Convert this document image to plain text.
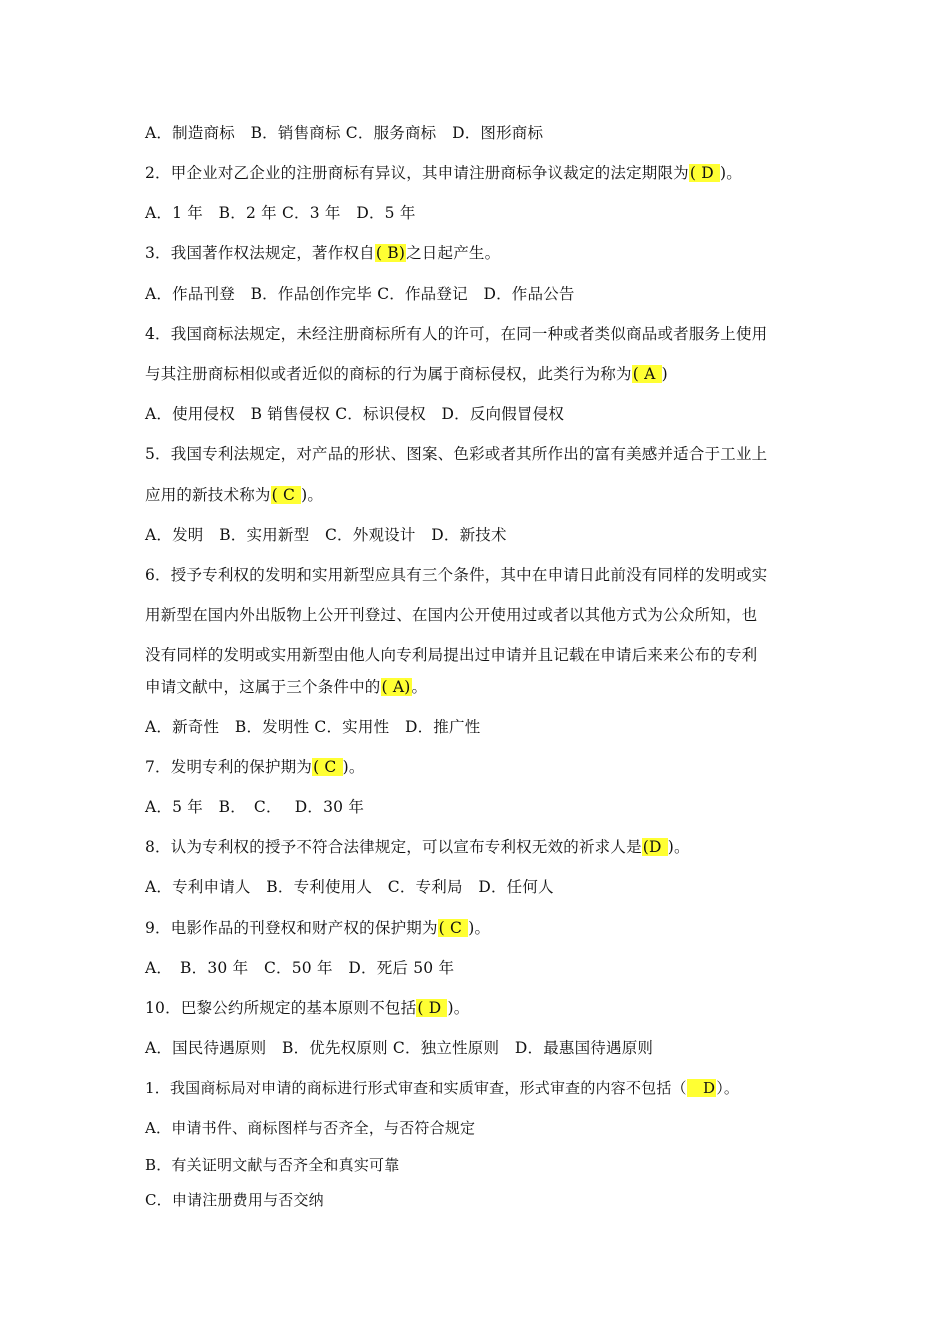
A．制造商标　B．销售商标 C．服务商标　D．图形商标
2．甲企业对乙企业的注册商标有异议，其申请注册商标争议裁定的法定期限为( D )。
A．1 年　B．2 年 C．3 年　D．5 年
3．我国著作权法规定，著作权自( B)之日起产生。
A．作品刊登　B．作品创作完毕 C．作品登记　D．作品公告
4．我国商标法规定，未经注册商标所有人的许可，在同一种或者类似商品或者服务上使用
与其注册商标相似或者近似的商标的行为属于商标侵权，此类行为称为( A )
A．使用侵权　B 销售侵权 C．标识侵权　D．反向假冒侵权
5．我国专利法规定，对产品的形状、图案、色彩或者其所作出的富有美感并适合于工业上
应用的新技术称为( C )。
A．发明　B．实用新型　C．外观设计　D．新技术
6．授予专利权的发明和实用新型应具有三个条件，其中在申请日此前没有同样的发明或实
用新型在国内外出版物上公开刊登过、在国内公开使用过或者以其他方式为公众所知，也
没有同样的发明或实用新型由他人向专利局提出过申请并且记载在申请后来来公布的专利
申请文献中，这属于三个条件中的( A)。
A．新奇性　B．发明性 C．实用性　D．推广性
7．发明专利的保护期为( C )。
A．5 年　B．　C．　 D．30 年
8．认为专利权的授予不符合法律规定，可以宣布专利权无效的祈求人是(D )。
A．专利申请人　B．专利使用人　C．专利局　D．任何人
9．电影作品的刊登权和财产权的保护期为( C )。
A．　B．30 年　C．50 年　D．死后 50 年
10．巴黎公约所规定的基本原则不包括( D )。
A．国民待遇原则　B．优先权原则 C．独立性原则　D．最惠国待遇原则
1．我国商标局对申请的商标进行形式审查和实质审查，形式审查的内容不包括（　D）。
A．申请书件、商标图样与否齐全，与否符合规定
B．有关证明文献与否齐全和真实可靠
C．申请注册费用与否交纳
